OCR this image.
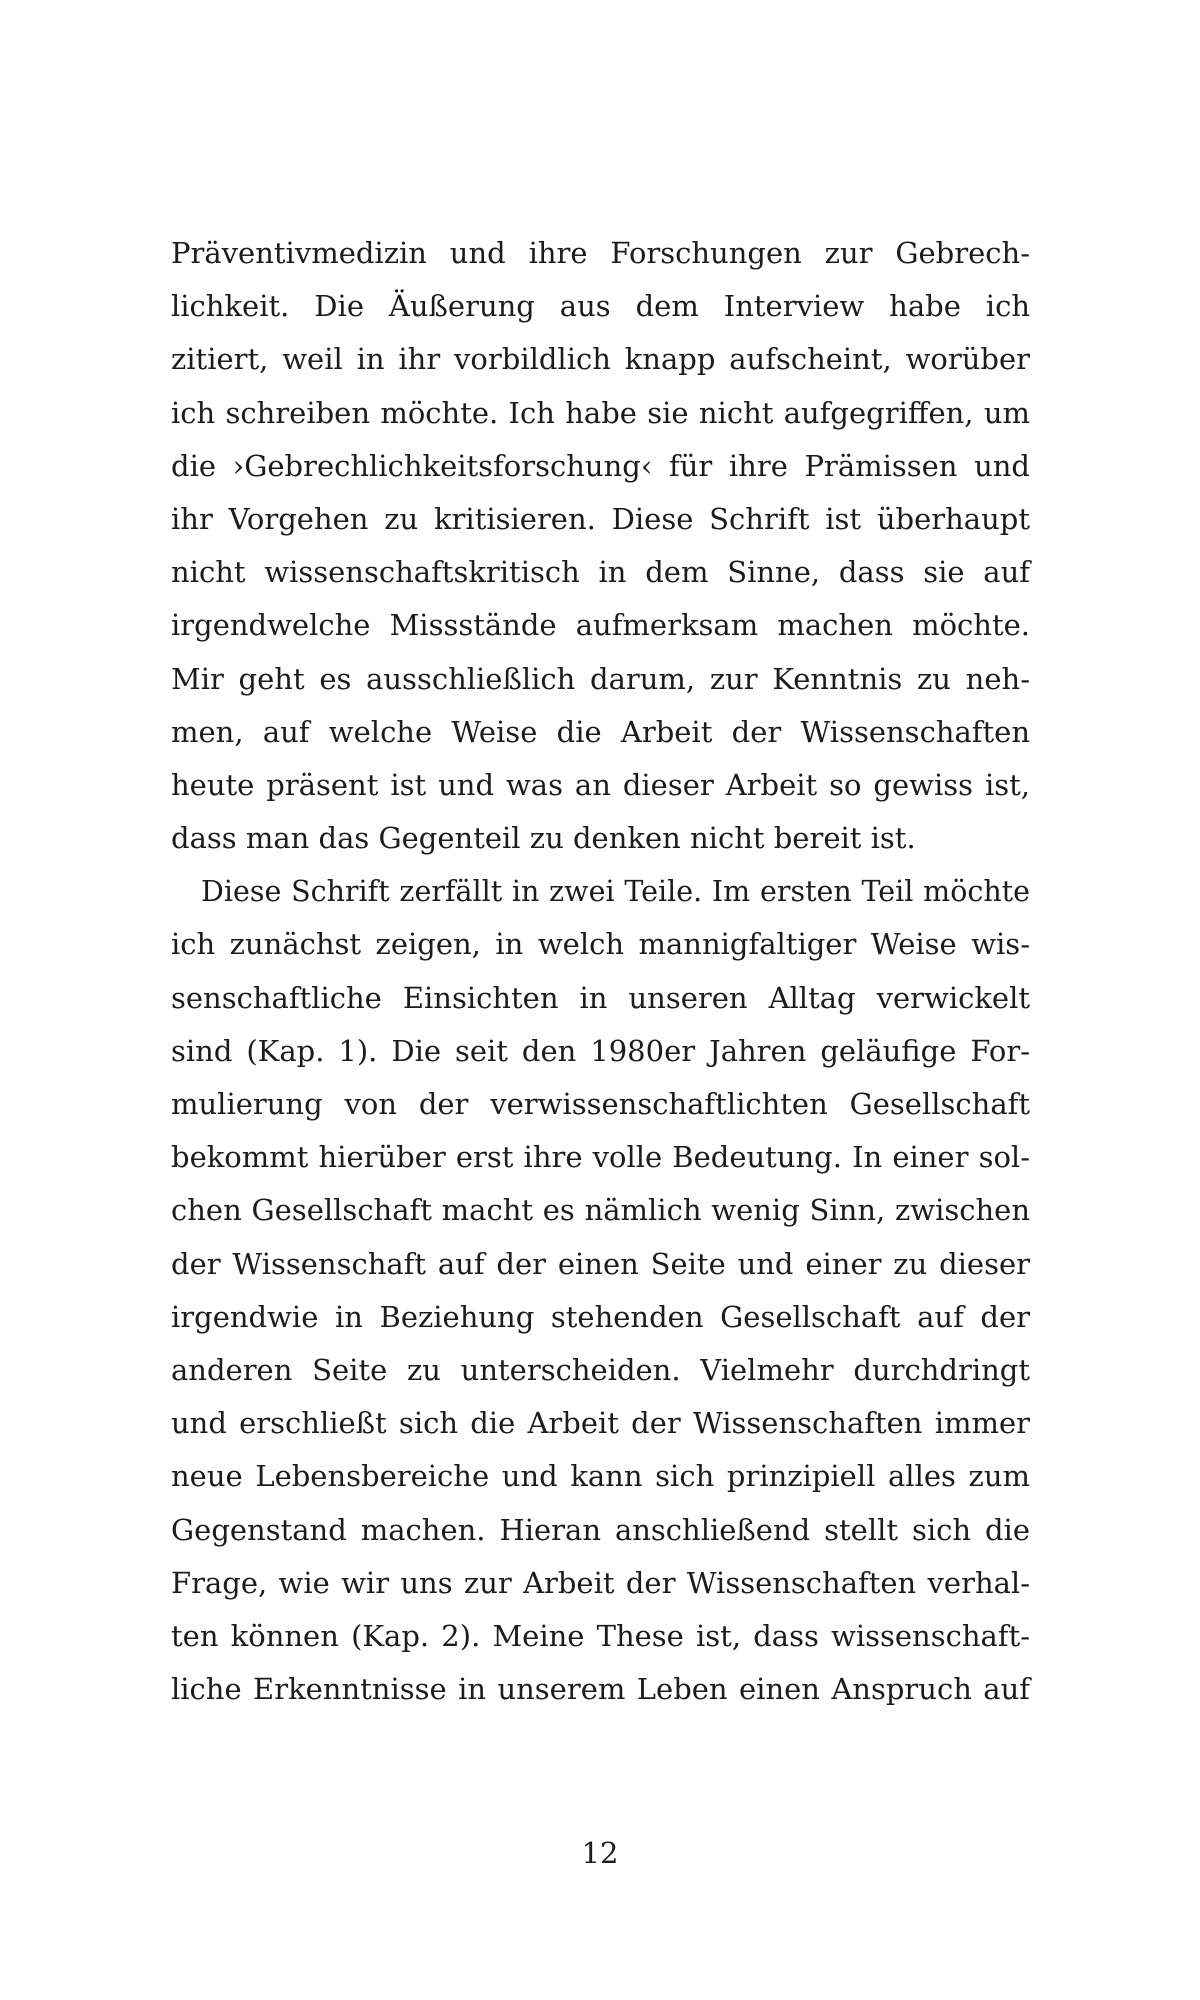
Präventivmedizin und ihre Forschungen zur Gebrech-
lichkeit. Die Äußerung aus dem Interview habe ich
zitiert, weil in ihr vorbildlich knapp aufscheint, worüber
ich schreiben möchte. Ich habe sie nicht aufgegriffen, um
die ›Gebrechlichkeitsforschung‹ für ihre Prämissen und
ihr Vorgehen zu kritisieren. Diese Schrift ist überhaupt
nicht wissenschaftskritisch in dem Sinne, dass sie auf
irgendwelche Missstände aufmerksam machen möchte.
Mir geht es ausschließlich darum, zur Kenntnis zu neh-
men, auf welche Weise die Arbeit der Wissenschaften
heute präsent ist und was an dieser Arbeit so gewiss ist,
dass man das Gegenteil zu denken nicht bereit ist.
Diese Schrift zerfällt in zwei Teile. Im ersten Teil möchte
ich zunächst zeigen, in welch mannigfaltiger Weise wis-
senschaftliche Einsichten in unseren Alltag verwickelt
sind (Kap. 1). Die seit den 1980er Jahren geläufige For-
mulierung von der verwissenschaftlichten Gesellschaft
bekommt hierüber erst ihre volle Bedeutung. In einer sol-
chen Gesellschaft macht es nämlich wenig Sinn, zwischen
der Wissenschaft auf der einen Seite und einer zu dieser
irgendwie in Beziehung stehenden Gesellschaft auf der
anderen Seite zu unterscheiden. Vielmehr durchdringt
und erschließt sich die Arbeit der Wissenschaften immer
neue Lebensbereiche und kann sich prinzipiell alles zum
Gegenstand machen. Hieran anschließend stellt sich die
Frage, wie wir uns zur Arbeit der Wissenschaften verhal-
ten können (Kap. 2). Meine These ist, dass wissenschaft-
liche Erkenntnisse in unserem Leben einen Anspruch auf
12
